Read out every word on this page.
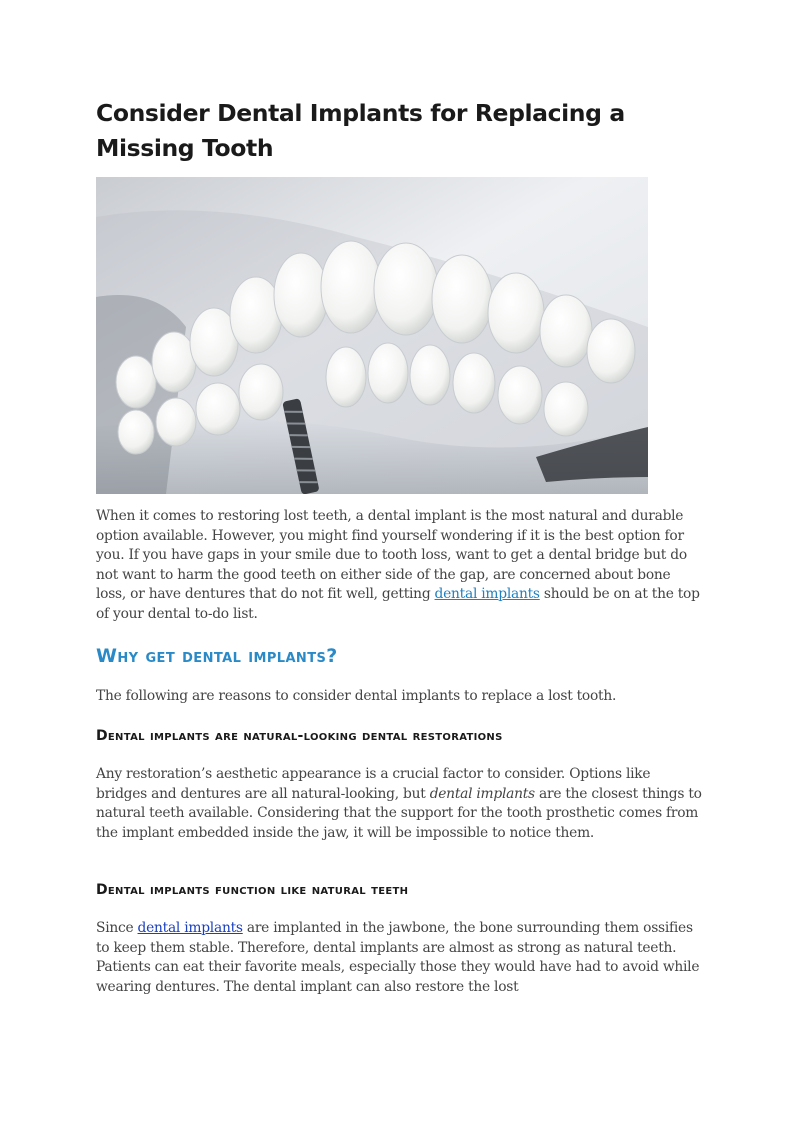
Consider Dental Implants for Replacing a Missing Tooth

When it comes to restoring lost teeth, a dental implant is the most natural and durable option available. However, you might find yourself wondering if it is the best option for you. If you have gaps in your smile due to tooth loss, want to get a dental bridge but do not want to harm the good teeth on either side of the gap, are concerned about bone loss, or have dentures that do not fit well, getting dental implants should be on at the top of your dental to-do list.

Why get dental implants?

The following are reasons to consider dental implants to replace a lost tooth.

Dental implants are natural-looking dental restorations

Any restoration’s aesthetic appearance is a crucial factor to consider. Options like bridges and dentures are all natural-looking, but dental implants are the closest things to natural teeth available. Considering that the support for the tooth prosthetic comes from the implant embedded inside the jaw, it will be impossible to notice them.

Dental implants function like natural teeth

Since dental implants are implanted in the jawbone, the bone surrounding them ossifies to keep them stable. Therefore, dental implants are almost as strong as natural teeth. Patients can eat their favorite meals, especially those they would have had to avoid while wearing dentures. The dental implant can also restore the lost
